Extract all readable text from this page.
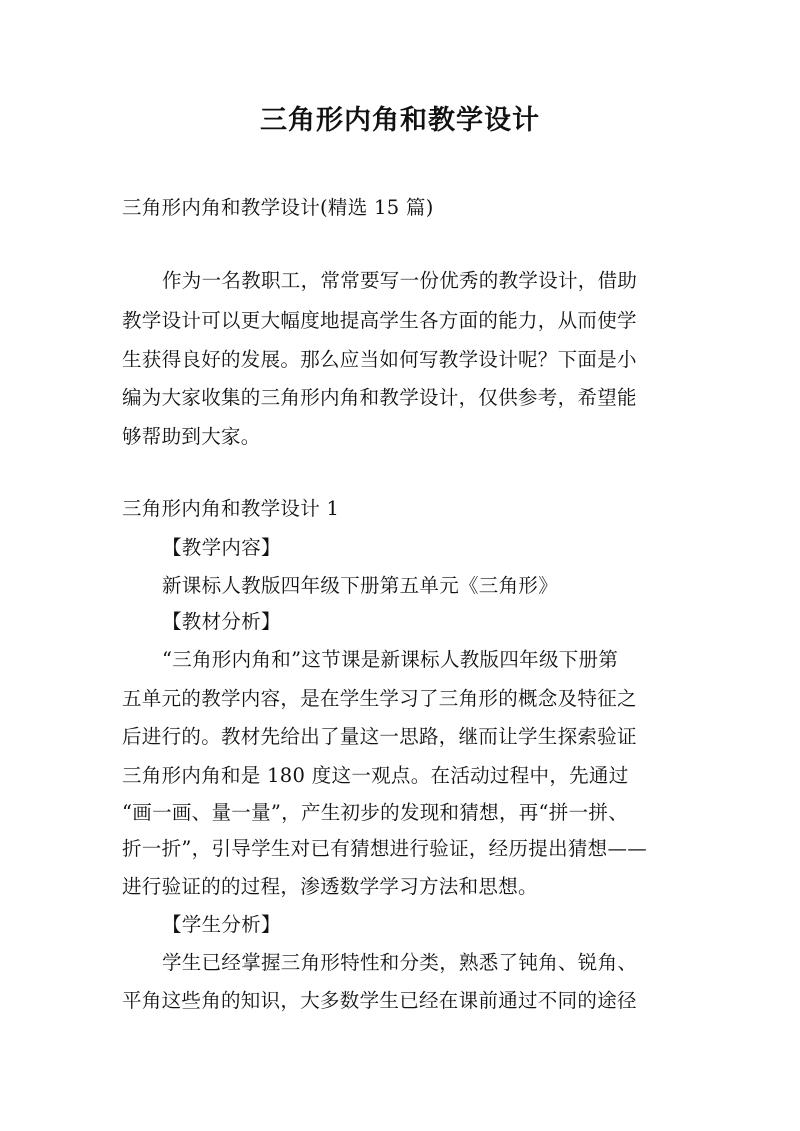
三角形内角和教学设计
三角形内角和教学设计(精选 15 篇)
作为一名教职工，常常要写一份优秀的教学设计，借助
教学设计可以更大幅度地提高学生各方面的能力，从而使学
生获得良好的发展。那么应当如何写教学设计呢？下面是小
编为大家收集的三角形内角和教学设计，仅供参考，希望能
够帮助到大家。
三角形内角和教学设计 1
【教学内容】
新课标人教版四年级下册第五单元《三角形》
【教材分析】
“三角形内角和”这节课是新课标人教版四年级下册第
五单元的教学内容，是在学生学习了三角形的概念及特征之
后进行的。教材先给出了量这一思路，继而让学生探索验证
三角形内角和是 180 度这一观点。在活动过程中，先通过
“画一画、量一量”，产生初步的发现和猜想，再“拼一拼、
折一折”，引导学生对已有猜想进行验证，经历提出猜想——
进行验证的的过程，渗透数学学习方法和思想。
【学生分析】
学生已经掌握三角形特性和分类，熟悉了钝角、锐角、
平角这些角的知识，大多数学生已经在课前通过不同的途径
